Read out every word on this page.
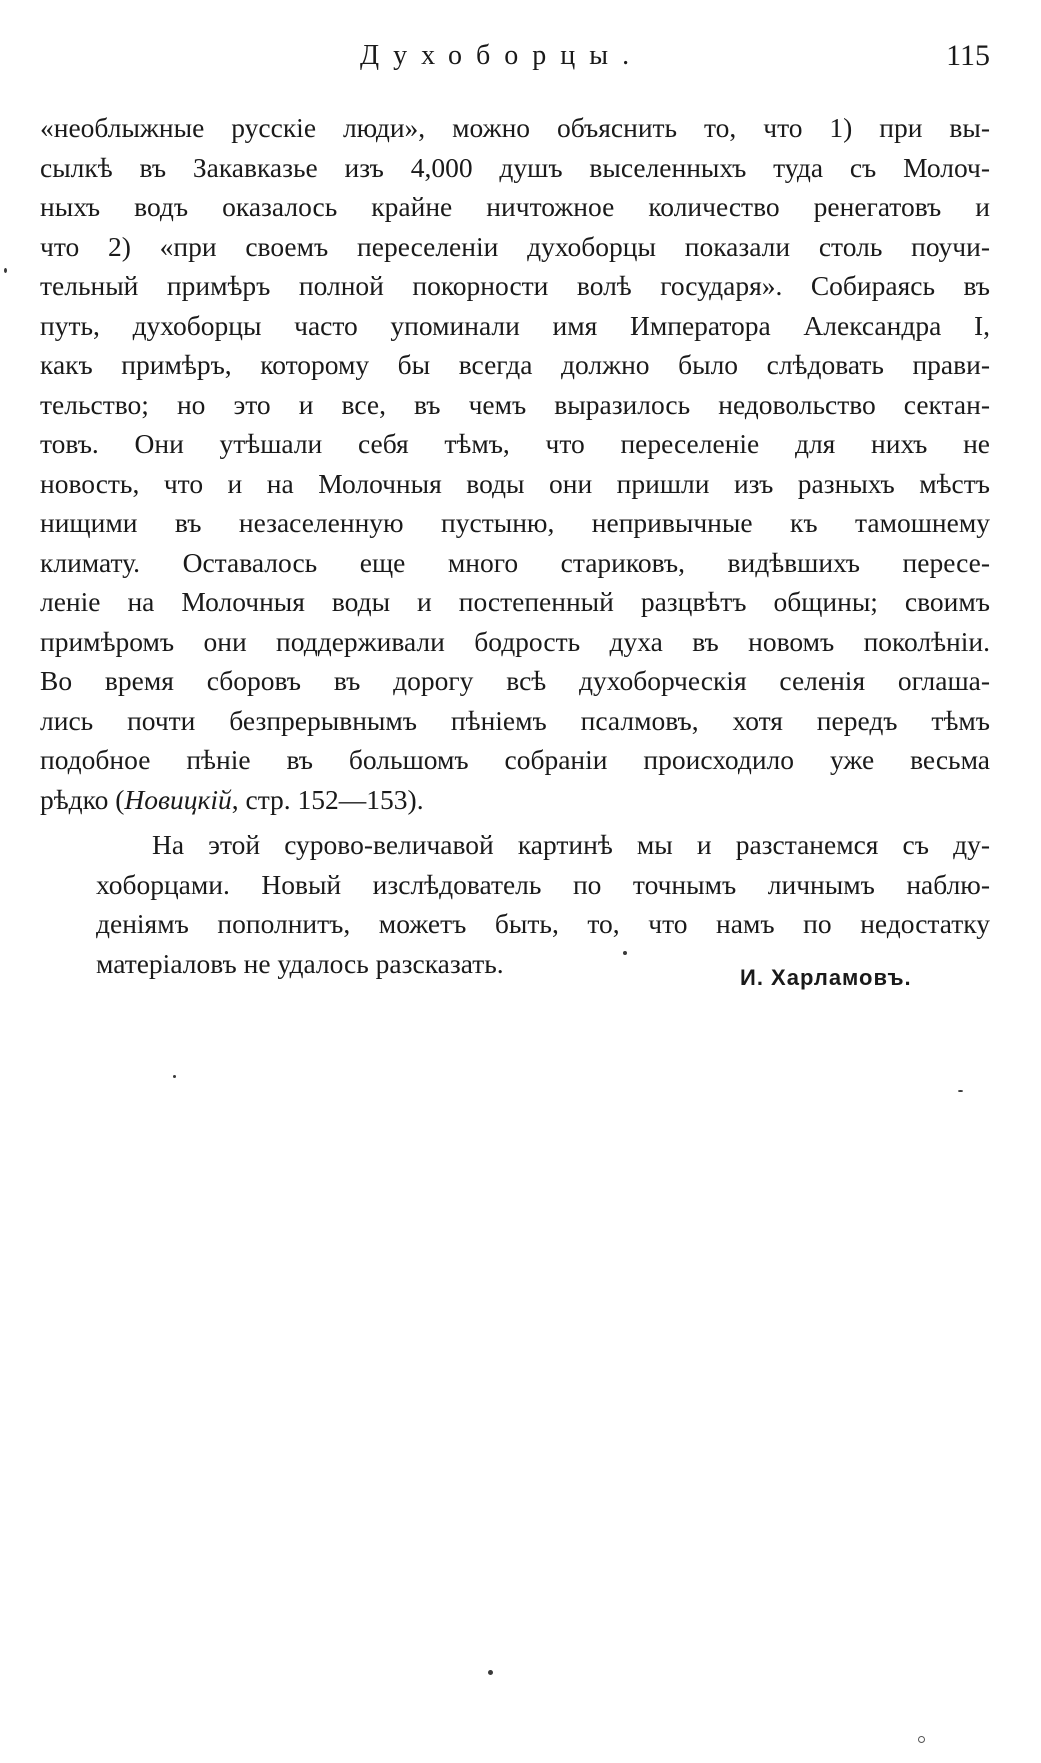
Духоборцы.	115
«необлыжные русскіе люди», можно объяснить то, что 1) при вы-
сылкѣ въ Закавказье изъ 4,000 душъ выселенныхъ туда съ Молоч-
ныхъ водъ оказалось крайне ничтожное количество ренегатовъ и
что 2) «при своемъ переселеніи духоборцы показали столь поучи-
тельный примѣръ полной покорности волѣ государя». Собираясь въ
путь, духоборцы часто упоминали имя Императора Александра I,
какъ примѣръ, которому бы всегда должно было слѣдовать прави-
тельство; но это и все, въ чемъ выразилось недовольство сектан-
товъ. Они утѣшали себя тѣмъ, что переселеніе для нихъ не
новость, что и на Молочныя воды они пришли изъ разныхъ мѣстъ
нищими въ незаселенную пустыню, непривычные къ тамошнему
климату. Оставалось еще много стариковъ, видѣвшихъ пересе-
леніе на Молочныя воды и постепенный разцвѣтъ общины; своимъ
примѣромъ они поддерживали бодрость духа въ новомъ поколѣніи.
Во время сборовъ въ дорогу всѣ духоборческія селенія оглаша-
лись почти безпрерывнымъ пѣніемъ псалмовъ, хотя передъ тѣмъ
подобное пѣніе въ большомъ собраніи происходило уже весьма
рѣдко (Новицкій, стр. 152—153).
На этой сурово-величавой картинѣ мы и разстанемся съ ду-
хоборцами. Новый изслѣдователь по точнымъ личнымъ наблю-
деніямъ пополнитъ, можетъ быть, то, что намъ по недостатку
матеріаловъ не удалось разсказать.	И. Харламовъ.
